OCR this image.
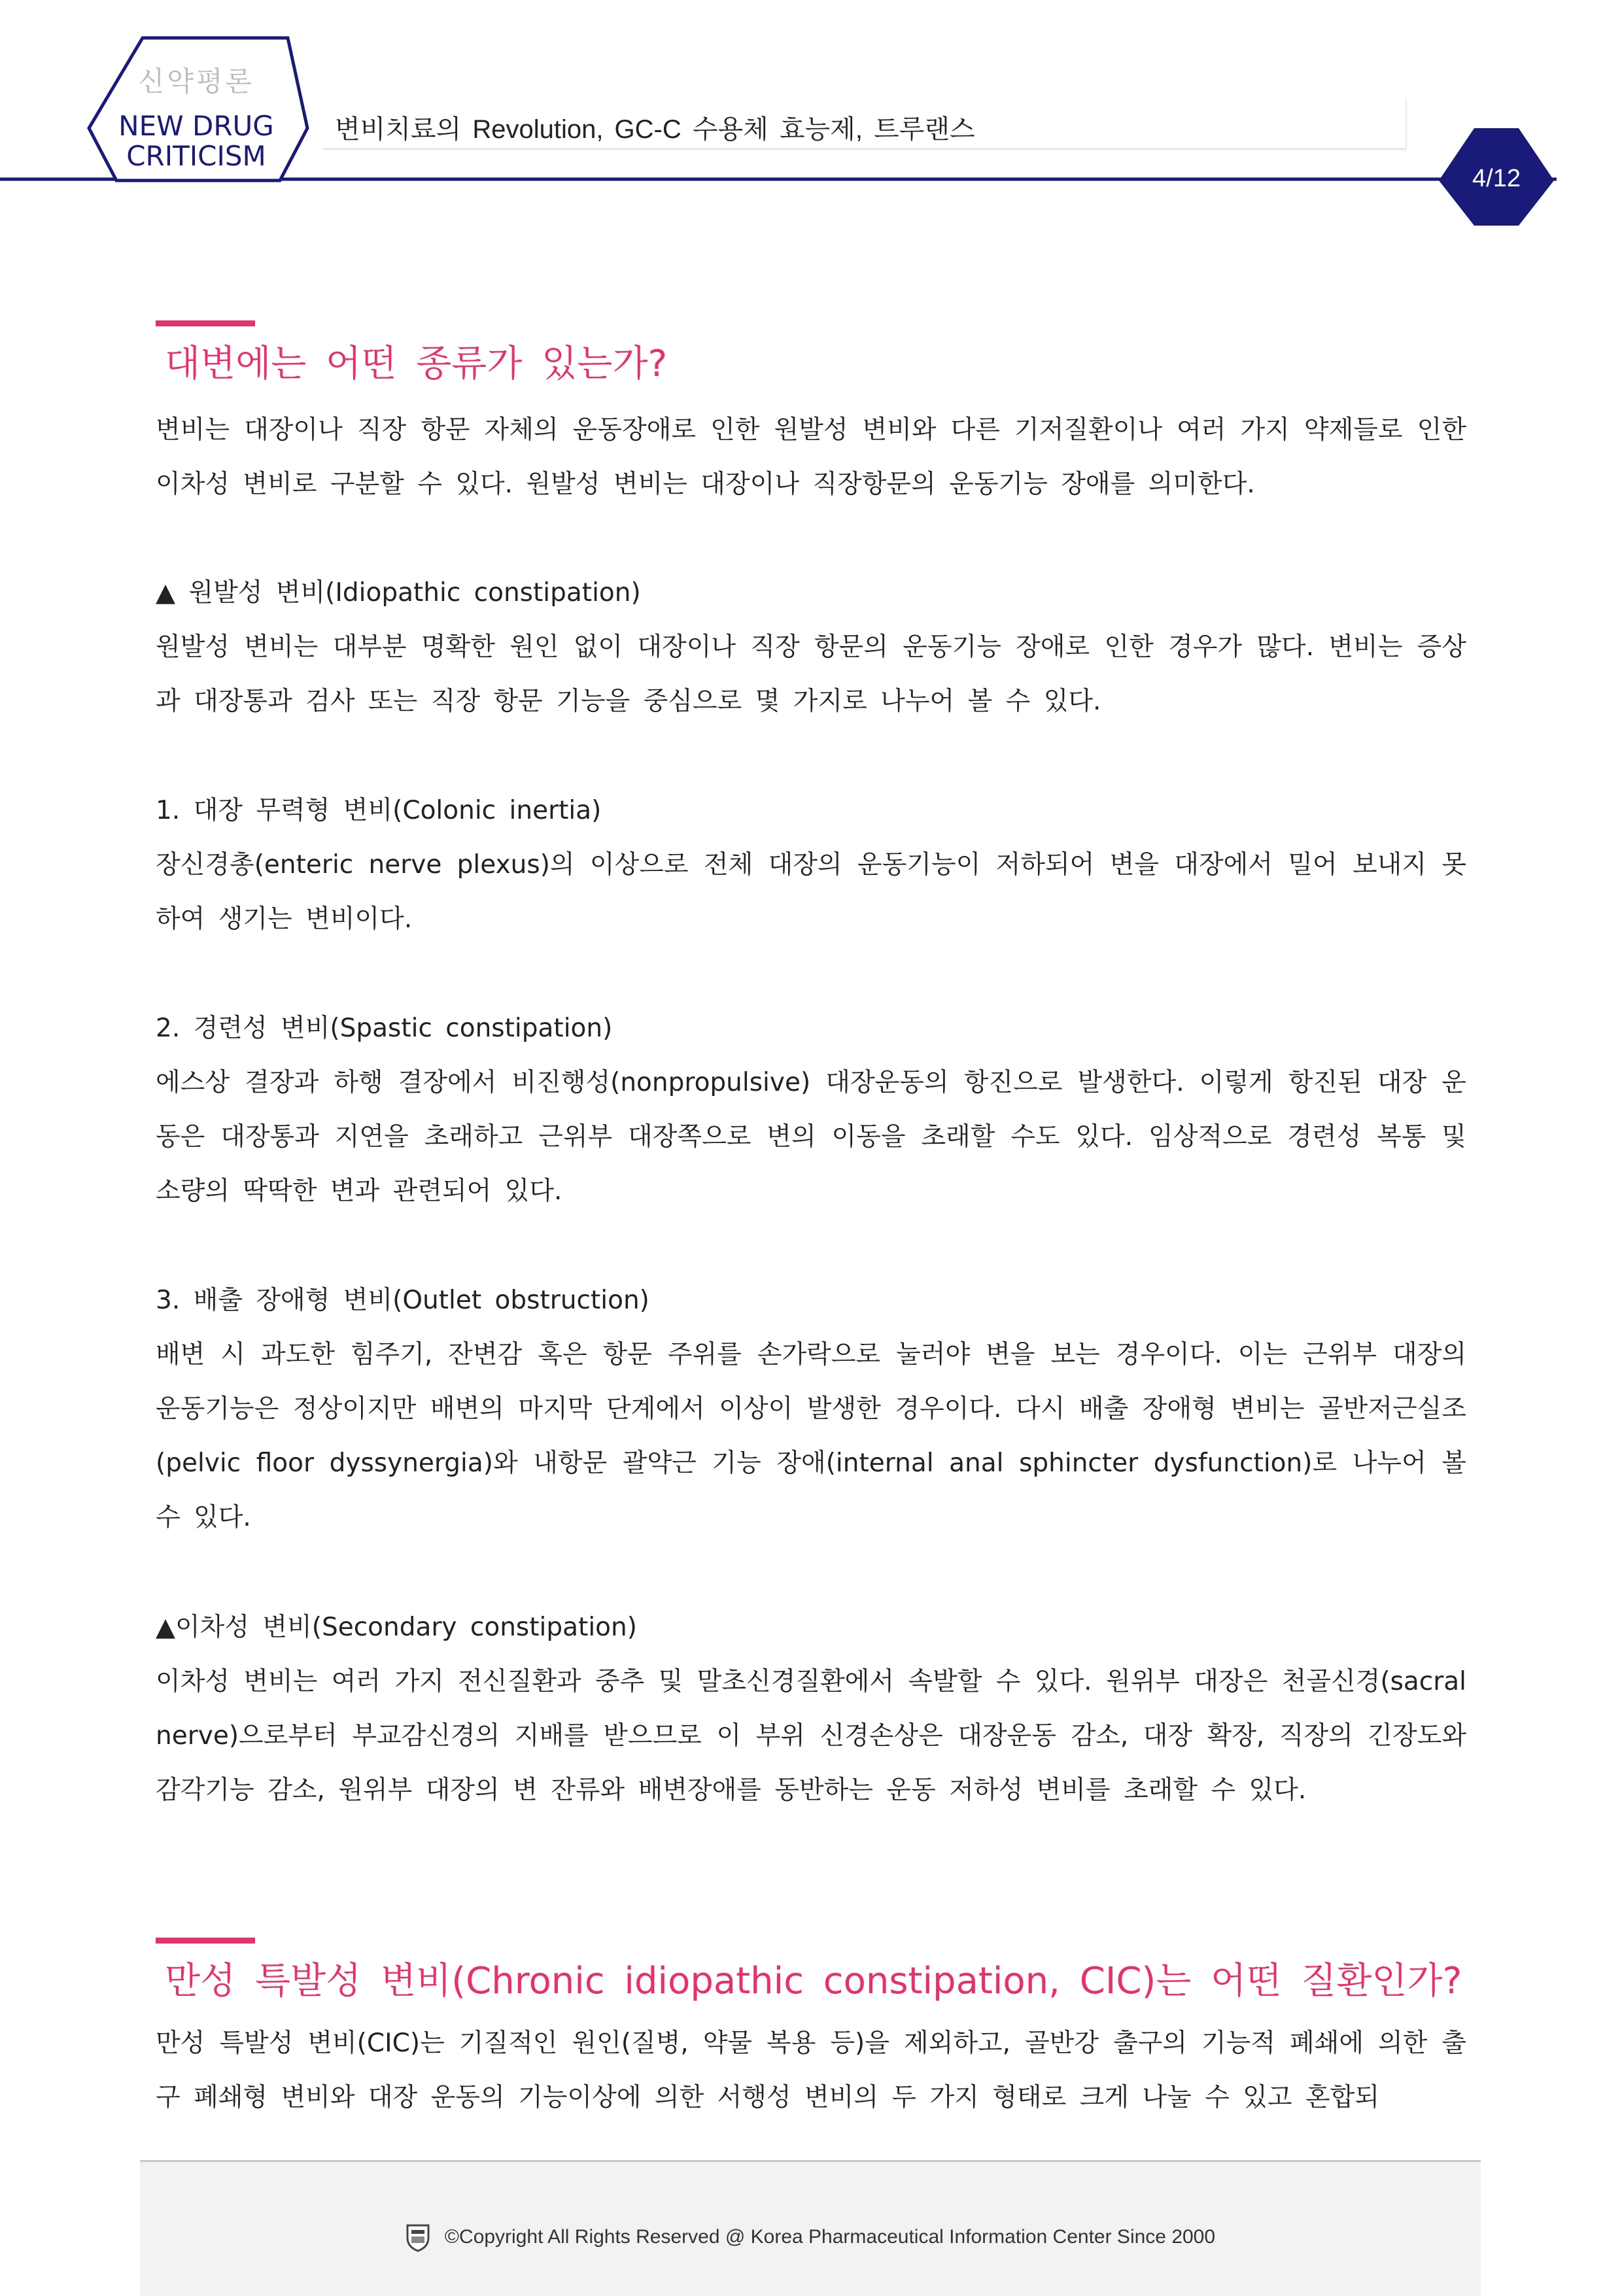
신약평론
NEW DRUG
CRITICISM
변비치료의 Revolution, GC-C 수용체 효능제, 트루랜스
4/12
대변에는 어떤 종류가 있는가?
변비는 대장이나 직장 항문 자체의 운동장애로 인한 원발성 변비와 다른 기저질환이나 여러 가지 약제들로 인한 이차성 변비로 구분할 수 있다. 원발성 변비는 대장이나 직장항문의 운동기능 장애를 의미한다.
▲ 원발성 변비(Idiopathic constipation)
원발성 변비는 대부분 명확한 원인 없이 대장이나 직장 항문의 운동기능 장애로 인한 경우가 많다. 변비는 증상과 대장통과 검사 또는 직장 항문 기능을 중심으로 몇 가지로 나누어 볼 수 있다.
1. 대장 무력형 변비(Colonic inertia)
장신경총(enteric nerve plexus)의 이상으로 전체 대장의 운동기능이 저하되어 변을 대장에서 밀어 보내지 못하여 생기는 변비이다.
2. 경련성 변비(Spastic constipation)
에스상 결장과 하행 결장에서 비진행성(nonpropulsive) 대장운동의 항진으로 발생한다. 이렇게 항진된 대장 운동은 대장통과 지연을 초래하고 근위부 대장쪽으로 변의 이동을 초래할 수도 있다. 임상적으로 경련성 복통 및 소량의 딱딱한 변과 관련되어 있다.
3. 배출 장애형 변비(Outlet obstruction)
배변 시 과도한 힘주기, 잔변감 혹은 항문 주위를 손가락으로 눌러야 변을 보는 경우이다. 이는 근위부 대장의 운동기능은 정상이지만 배변의 마지막 단계에서 이상이 발생한 경우이다. 다시 배출 장애형 변비는 골반저근실조(pelvic floor dyssynergia)와 내항문 괄약근 기능 장애(internal anal sphincter dysfunction)로 나누어 볼 수 있다.
▲이차성 변비(Secondary constipation)
이차성 변비는 여러 가지 전신질환과 중추 및 말초신경질환에서 속발할 수 있다. 원위부 대장은 천골신경(sacral nerve)으로부터 부교감신경의 지배를 받으므로 이 부위 신경손상은 대장운동 감소, 대장 확장, 직장의 긴장도와 감각기능 감소, 원위부 대장의 변 잔류와 배변장애를 동반하는 운동 저하성 변비를 초래할 수 있다.
만성 특발성 변비(Chronic idiopathic constipation, CIC)는 어떤 질환인가?
만성 특발성 변비(CIC)는 기질적인 원인(질병, 약물 복용 등)을 제외하고, 골반강 출구의 기능적 폐쇄에 의한 출구 폐쇄형 변비와 대장 운동의 기능이상에 의한 서행성 변비의 두 가지 형태로 크게 나눌 수 있고 혼합되
©Copyright All Rights Reserved @ Korea Pharmaceutical Information Center Since 2000
